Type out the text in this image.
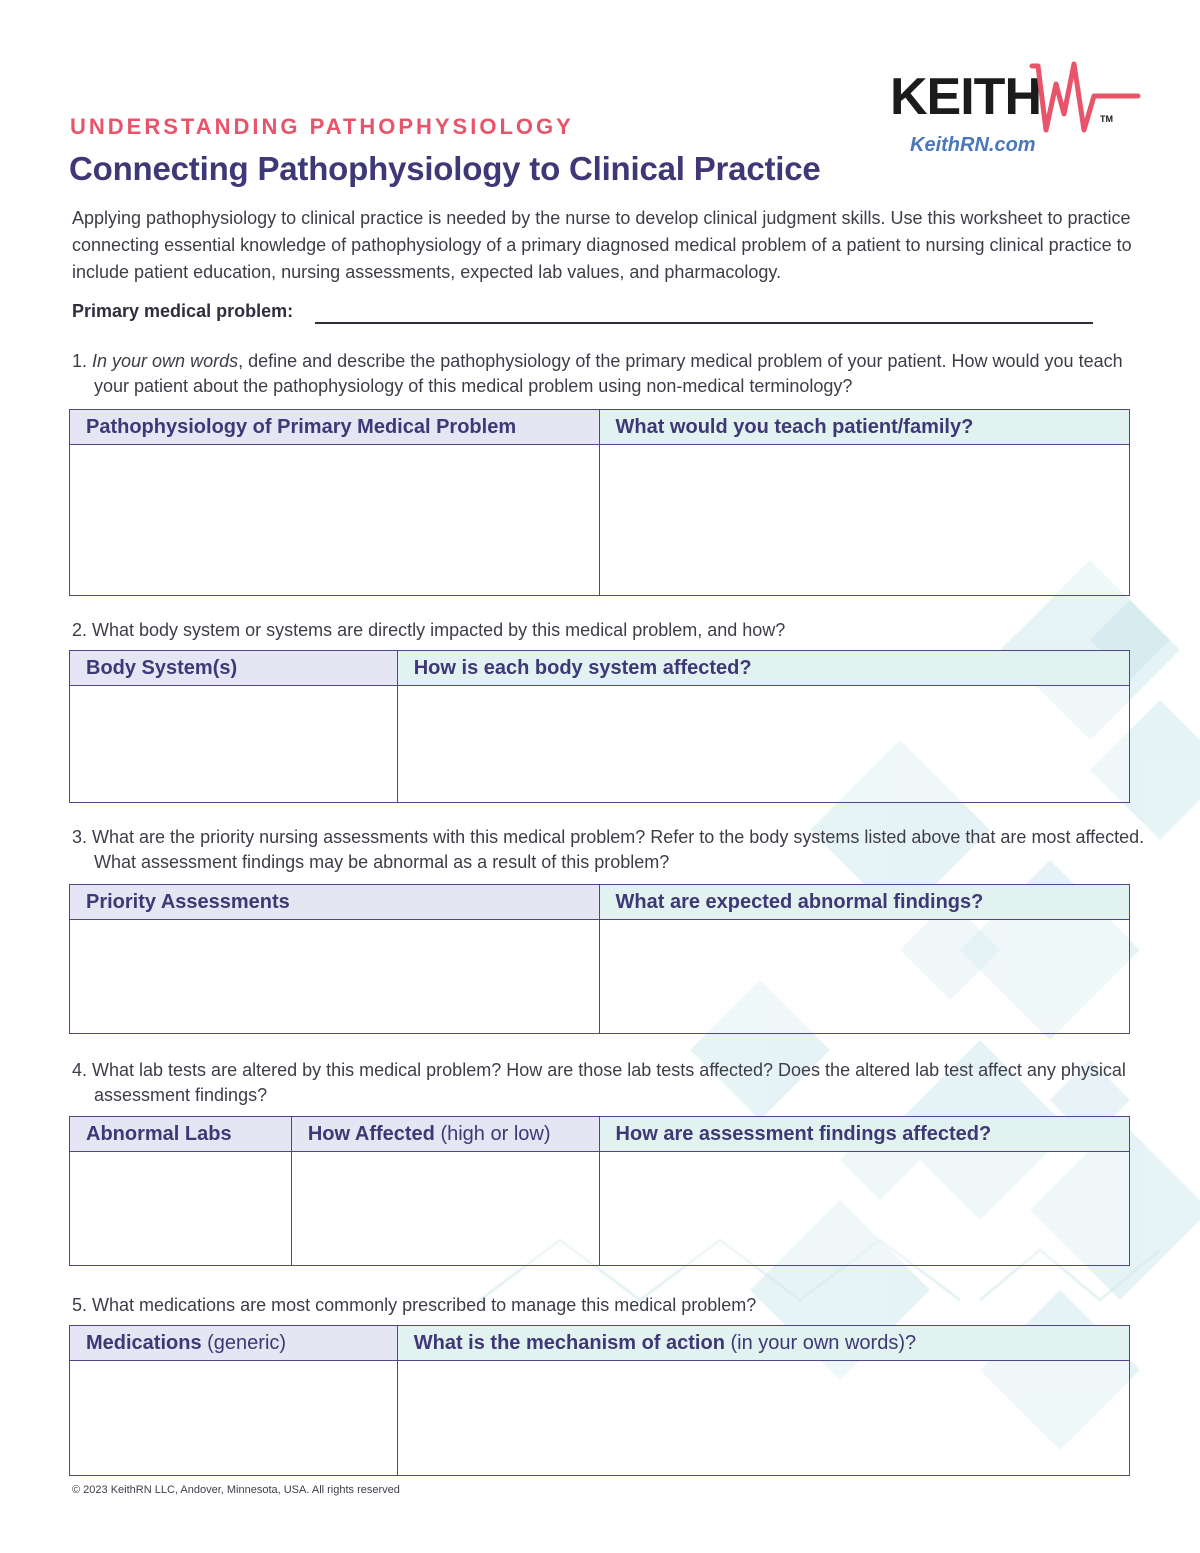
UNDERSTANDING PATHOPHYSIOLOGY

Connecting Pathophysiology to Clinical Practice
KEITH	TM

KeithRN.com

Applying pathophysiology to clinical practice is needed by the nurse to develop clinical judgment skills. Use this worksheet to practice connecting essential knowledge of pathophysiology of a primary diagnosed medical problem of a patient to nursing clinical practice to include patient education, nursing assessments, expected lab values, and pharmacology.

Primary medical problem:

1. In your own words, define and describe the pathophysiology of the primary medical problem of your patient. How would you teach your patient about the pathophysiology of this medical problem using non-medical terminology?

Pathophysiology of Primary Medical Problem	What would you teach patient/family?

2. What body system or systems are directly impacted by this medical problem, and how?

Body System(s)	How is each body system affected?

3. What are the priority nursing assessments with this medical problem? Refer to the body systems listed above that are most affected. What assessment findings may be abnormal as a result of this problem?

Priority Assessments	What are expected abnormal findings?

4. What lab tests are altered by this medical problem? How are those lab tests affected? Does the altered lab test affect any physical assessment findings?

Abnormal Labs	How Affected (high or low)	How are assessment findings affected?

5. What medications are most commonly prescribed to manage this medical problem?

Medications (generic)	What is the mechanism of action (in your own words)?

© 2023 KeithRN LLC, Andover, Minnesota, USA. All rights reserved
